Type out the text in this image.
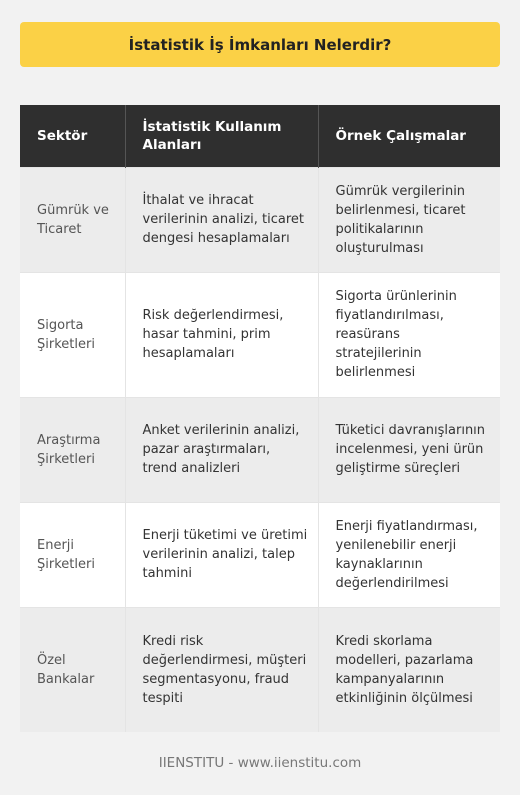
İstatistik İş İmkanları Nelerdir?
Sektör	İstatistik Kullanım Alanları	Örnek Çalışmalar
Gümrük ve Ticaret	İthalat ve ihracat verilerinin analizi, ticaret dengesi hesaplamaları	Gümrük vergilerinin belirlenmesi, ticaret politikalarının oluşturulması
Sigorta Şirketleri	Risk değerlendirmesi, hasar tahmini, prim hesaplamaları	Sigorta ürünlerinin fiyatlandırılması, reasürans stratejilerinin belirlenmesi
Araştırma Şirketleri	Anket verilerinin analizi, pazar araştırmaları, trend analizleri	Tüketici davranışlarının incelenmesi, yeni ürün geliştirme süreçleri
Enerji Şirketleri	Enerji tüketimi ve üretimi verilerinin analizi, talep tahmini	Enerji fiyatlandırması, yenilenebilir enerji kaynaklarının değerlendirilmesi
Özel Bankalar	Kredi risk değerlendirmesi, müşteri segmentasyonu, fraud tespiti	Kredi skorlama modelleri, pazarlama kampanyalarının etkinliğinin ölçülmesi
IIENSTITU - www.iienstitu.com
